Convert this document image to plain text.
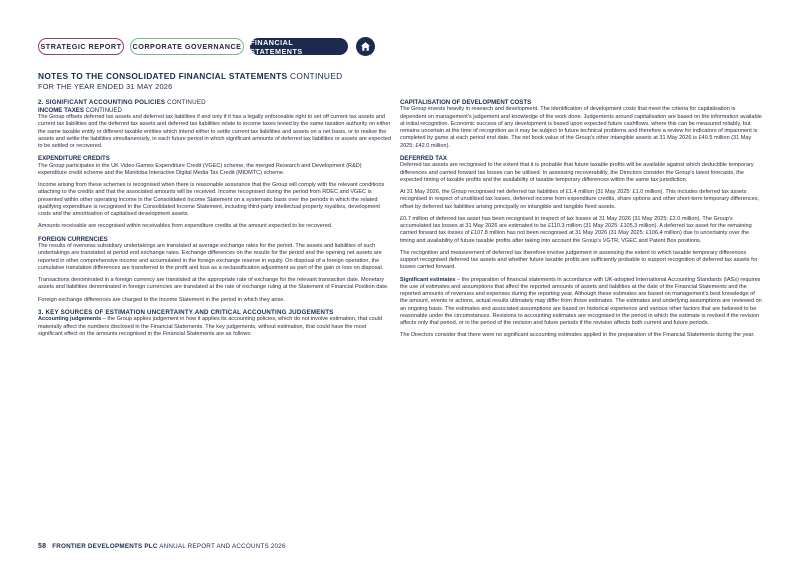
STRATEGIC REPORT	CORPORATE GOVERNANCE	FINANCIAL STATEMENTS
NOTES TO THE CONSOLIDATED FINANCIAL STATEMENTS CONTINUED
FOR THE YEAR ENDED 31 MAY 2026
2. SIGNIFICANT ACCOUNTING POLICIES CONTINUED
INCOME TAXES CONTINUED

The Group offsets deferred tax assets and deferred tax liabilities if and only if it has a legally enforceable right to set off current tax assets and current tax liabilities and the deferred tax assets and deferred tax liabilities relate to income taxes levied by the same taxation authority on either the same taxable entity or different taxable entities which intend either to settle current tax liabilities and assets on a net basis, or to realise the assets and settle the liabilities simultaneously, in each future period in which significant amounts of deferred tax liabilities or assets are expected to be settled or recovered.

EXPENDITURE CREDITS

The Group participates in the UK Video Games Expenditure Credit (VGEC) scheme, the merged Research and Development (R&D) expenditure credit scheme and the Manitoba Interactive Digital Media Tax Credit (MIDMTC) scheme.

Income arising from these schemes is recognised when there is reasonable assurance that the Group will comply with the relevant conditions attaching to the credits and that the associated amounts will be received. Income recognised during the period from RDEC and VGEC is presented within other operating income in the Consolidated Income Statement on a systematic basis over the periods in which the related qualifying expenditure is recognised in the Consolidated Income Statement, including third-party intellectual property royalties, development costs and the amortisation of capitalised development assets.

Amounts receivable are recognised within receivables from expenditure credits at the amount expected to be recovered.

FOREIGN CURRENCIES

The results of overseas subsidiary undertakings are translated at average exchange rates for the period. The assets and liabilities of such undertakings are translated at period end exchange rates. Exchange differences on the results for the period and the opening net assets are reported in other comprehensive income and accumulated in the foreign exchange reserve in equity. On disposal of a foreign operation, the cumulative translation differences are transferred to the profit and loss as a reclassification adjustment as part of the gain or loss on disposal.

Transactions denominated in a foreign currency are translated at the appropriate rate of exchange for the relevant transaction date. Monetary assets and liabilities denominated in foreign currencies are translated at the rate of exchange ruling at the Statement of Financial Position date.

Foreign exchange differences are charged to the Income Statement in the period in which they arise.

3. KEY SOURCES OF ESTIMATION UNCERTAINTY AND CRITICAL ACCOUNTING JUDGEMENTS

Accounting judgements – the Group applies judgement in how it applies its accounting policies, which do not involve estimation, that could materially affect the numbers disclosed in the Financial Statements. The key judgements, without estimation, that could have the most significant effect on the amounts recognised in the Financial Statements are as follows:

CAPITALISATION OF DEVELOPMENT COSTS

The Group invests heavily in research and development. The identification of development costs that meet the criteria for capitalisation is dependent on management's judgement and knowledge of the work done. Judgements around capitalisation are based on the information available at initial recognition. Economic success of any development is based upon expected future cashflows, where this can be measured reliably, but remains uncertain at the time of recognition as it may be subject to future technical problems and therefore a review for indicators of impairment is completed by game at each period end date. The net book value of the Group's other intangible assets at 31 May 2026 is £49.5 million (31 May 2025: £42.0 million).

DEFERRED TAX

Deferred tax assets are recognised to the extent that it is probable that future taxable profits will be available against which deductible temporary differences and carried forward tax losses can be utilised. In assessing recoverability, the Directors consider the Group's latest forecasts, the expected timing of taxable profits and the availability of taxable temporary differences within the same tax jurisdiction.

At 31 May 2026, the Group recognised net deferred tax liabilities of £1.4 million (31 May 2025: £1.0 million). This includes deferred tax assets recognised in respect of unutilised tax losses, deferred income from expenditure credits, share options and other short-term temporary differences, offset by deferred tax liabilities arising principally on intangible and tangible fixed assets.

£0.7 million of deferred tax asset has been recognised in respect of tax losses at 31 May 2026 (31 May 2025: £2.0 million). The Group's accumulated tax losses at 31 May 2026 are estimated to be £110.3 million (31 May 2025: £105.3 million). A deferred tax asset for the remaining carried forward tax losses of £107.8 million has not been recognised at 31 May 2026 (31 May 2025: £106.4 million) due to uncertainty over the timing and availability of future taxable profits after taking into account the Group's VGTR, VGEC and Patent Box positions.

The recognition and measurement of deferred tax therefore involve judgement in assessing the extent to which taxable temporary differences support recognised deferred tax assets and whether future taxable profits are sufficiently probable to support recognition of deferred tax assets for losses carried forward.

Significant estimates – the preparation of financial statements in accordance with UK-adopted International Accounting Standards (IASs) requires the use of estimates and assumptions that affect the reported amounts of assets and liabilities at the date of the Financial Statements and the reported amounts of revenues and expenses during the reporting year. Although these estimates are based on management's best knowledge of the amount, events or actions, actual results ultimately may differ from those estimates. The estimates and underlying assumptions are reviewed on an ongoing basis. The estimates and associated assumptions are based on historical experience and various other factors that are believed to be reasonable under the circumstances. Revisions to accounting estimates are recognised in the period in which the estimate is revised if the revision affects only that period, or in the period of the revision and future periods if the revision affects both current and future periods.

The Directors consider that there were no significant accounting estimates applied in the preparation of the Financial Statements during the year.

58 FRONTIER DEVELOPMENTS PLC ANNUAL REPORT AND ACCOUNTS 2026
